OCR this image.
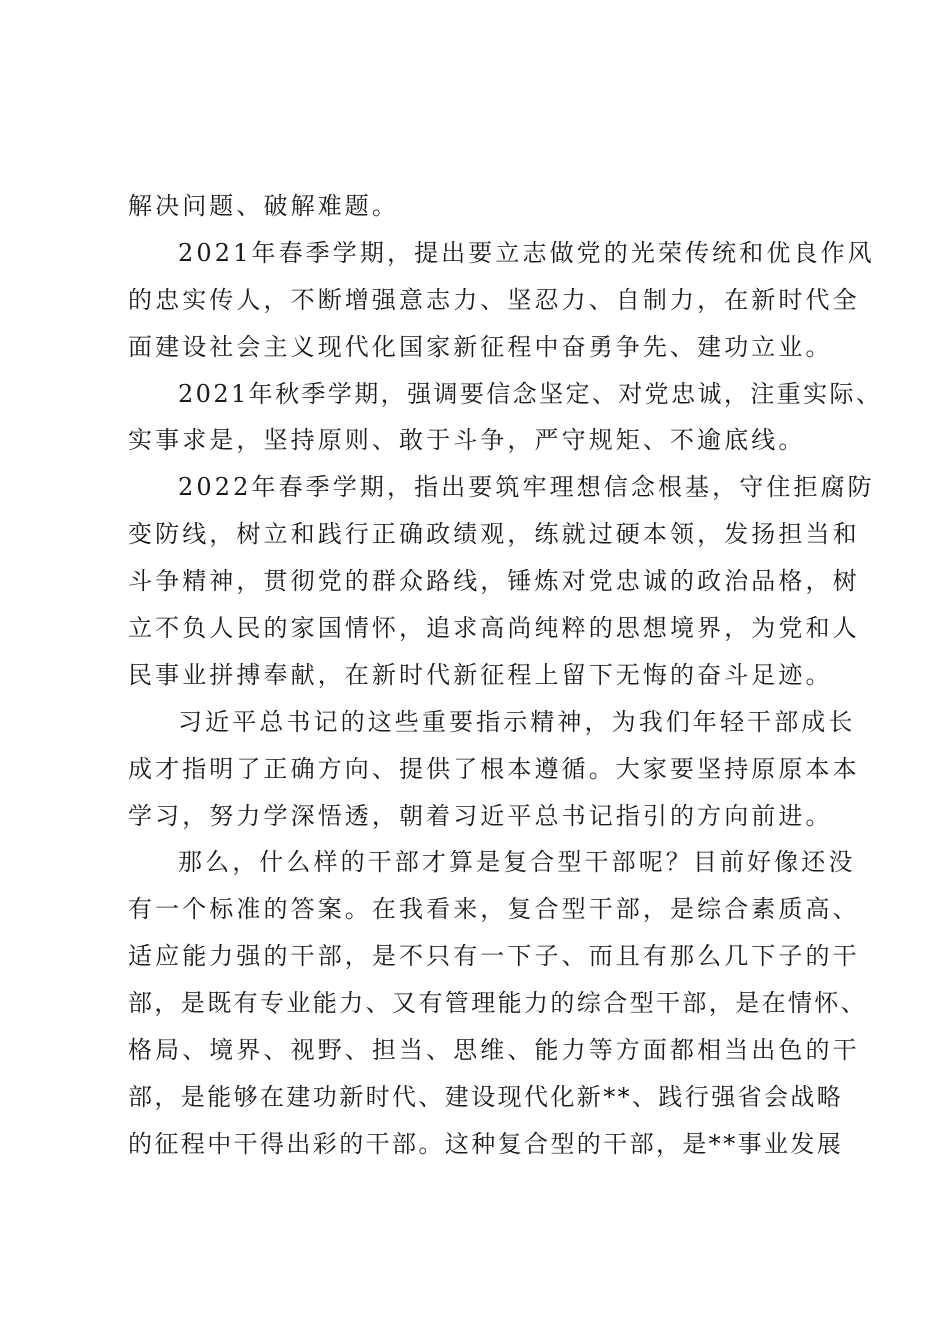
解决问题、破解难题。
2021年春季学期，提出要立志做党的光荣传统和优良作风
的忠实传人，不断增强意志力、坚忍力、自制力，在新时代全
面建设社会主义现代化国家新征程中奋勇争先、建功立业。
2021年秋季学期，强调要信念坚定、对党忠诚，注重实际、
实事求是，坚持原则、敢于斗争，严守规矩、不逾底线。
2022年春季学期，指出要筑牢理想信念根基，守住拒腐防
变防线，树立和践行正确政绩观，练就过硬本领，发扬担当和
斗争精神，贯彻党的群众路线，锤炼对党忠诚的政治品格，树
立不负人民的家国情怀，追求高尚纯粹的思想境界，为党和人
民事业拼搏奉献，在新时代新征程上留下无悔的奋斗足迹。
习近平总书记的这些重要指示精神，为我们年轻干部成长
成才指明了正确方向、提供了根本遵循。大家要坚持原原本本
学习，努力学深悟透，朝着习近平总书记指引的方向前进。
那么，什么样的干部才算是复合型干部呢？目前好像还没
有一个标准的答案。在我看来，复合型干部，是综合素质高、
适应能力强的干部，是不只有一下子、而且有那么几下子的干
部，是既有专业能力、又有管理能力的综合型干部，是在情怀、
格局、境界、视野、担当、思维、能力等方面都相当出色的干
部，是能够在建功新时代、建设现代化新**、践行强省会战略
的征程中干得出彩的干部。这种复合型的干部，是**事业发展
